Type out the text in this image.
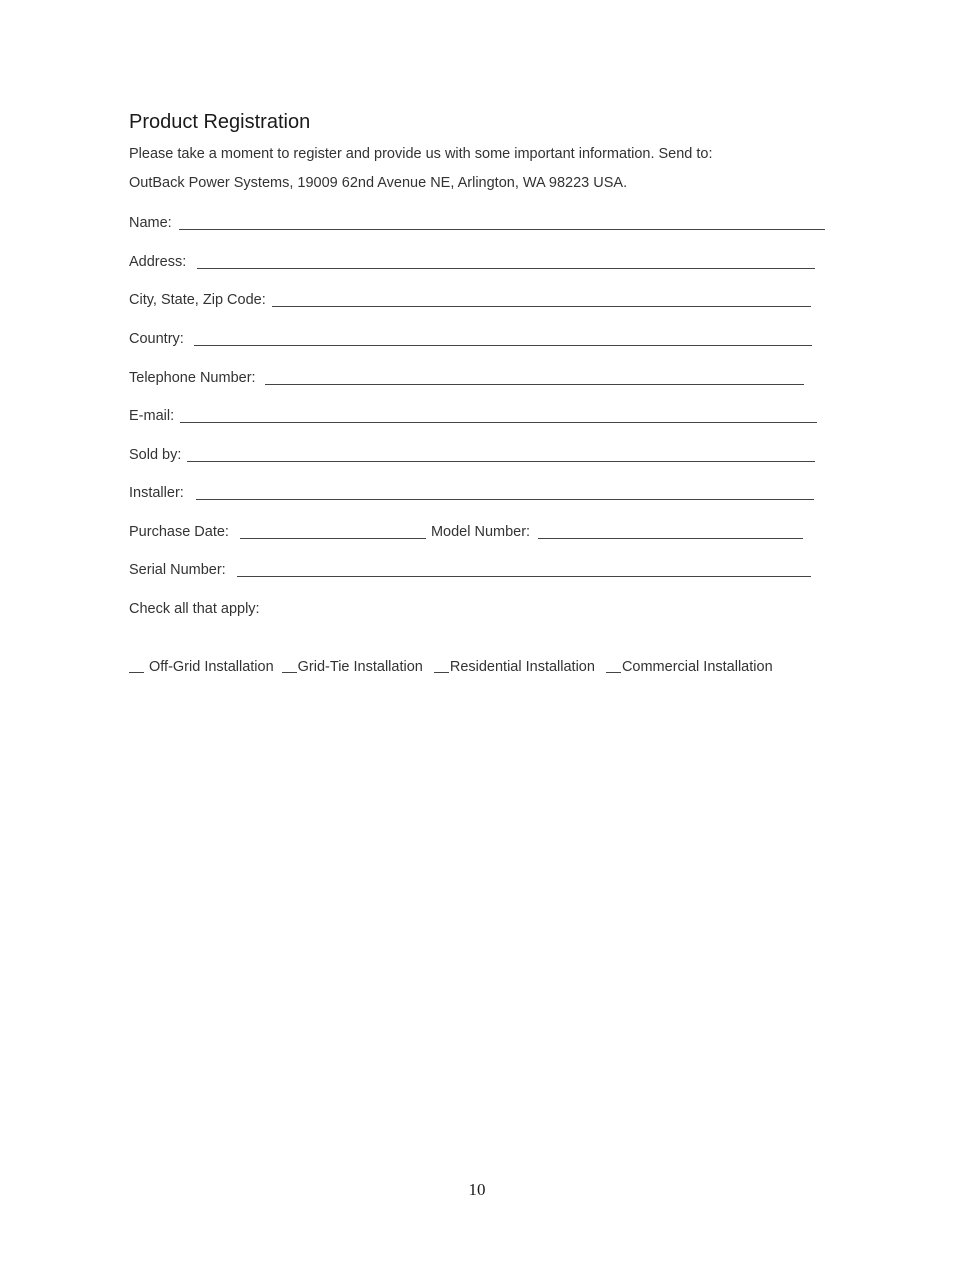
Product Registration
Please take a moment to register and provide us with some important information. Send to:
OutBack Power Systems, 19009 62nd Avenue NE, Arlington, WA 98223 USA.
Name:
Address:
City, State, Zip Code:
Country:
Telephone Number:
E-mail:
Sold by:
Installer:
Purchase Date:	Model Number:
Serial Number:
Check all that apply:
Off-Grid Installation Grid-Tie Installation Residential Installation Commercial Installation
10
